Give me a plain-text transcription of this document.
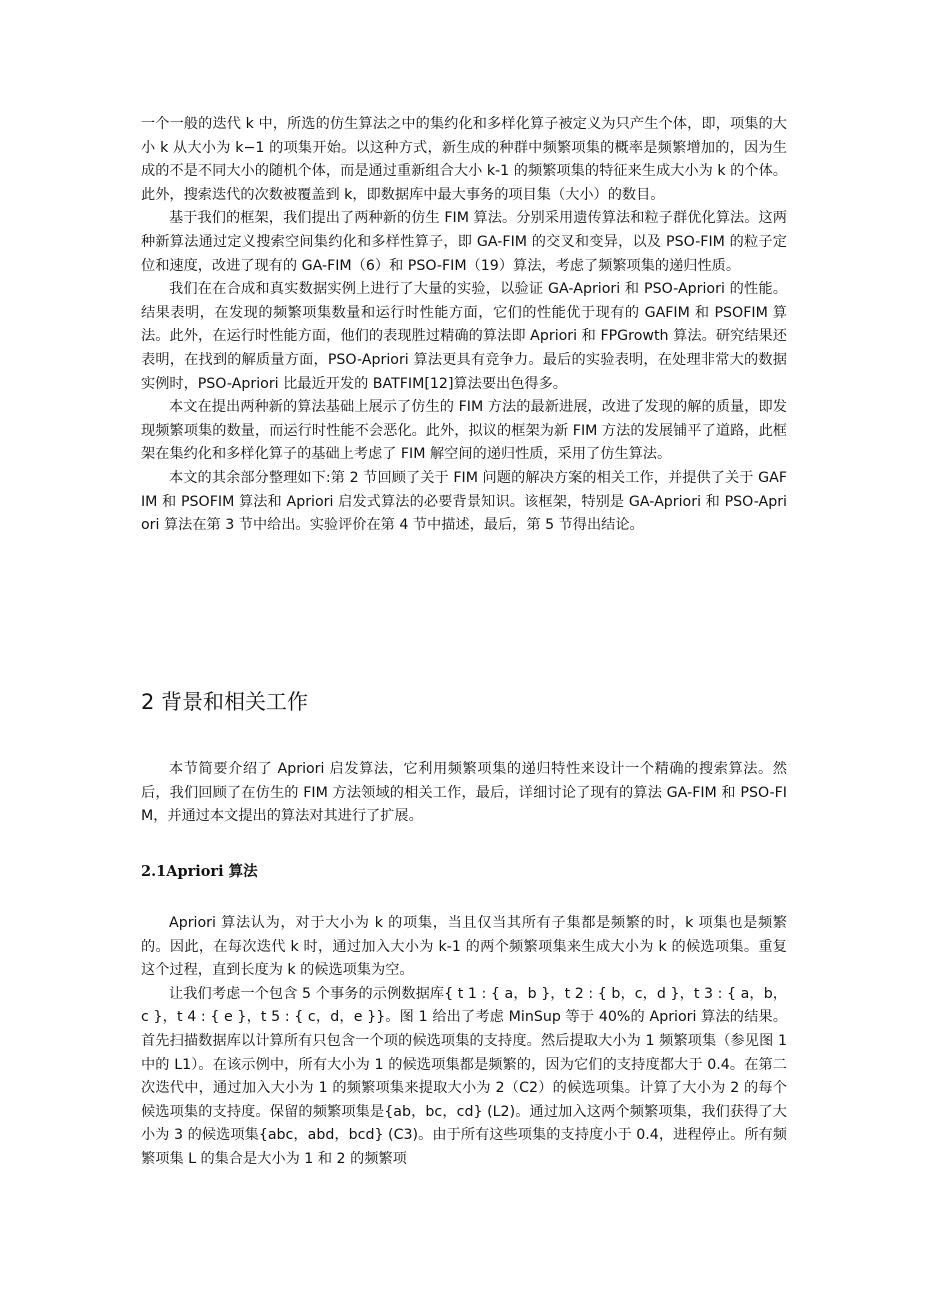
一个一般的迭代 k 中，所选的仿生算法之中的集约化和多样化算子被定义为只产生个体，即，项集的大小 k 从大小为 k−1 的项集开始。以这种方式，新生成的种群中频繁项集的概率是频繁增加的，因为生成的不是不同大小的随机个体，而是通过重新组合大小 k-1 的频繁项集的特征来生成大小为 k 的个体。此外，搜索迭代的次数被覆盖到 k，即数据库中最大事务的项目集（大小）的数目。

基于我们的框架，我们提出了两种新的仿生 FIM 算法。分别采用遗传算法和粒子群优化算法。这两种新算法通过定义搜索空间集约化和多样性算子，即 GA-FIM 的交叉和变异，以及 PSO-FIM 的粒子定位和速度，改进了现有的 GA-FIM（6）和 PSO-FIM（19）算法，考虑了频繁项集的递归性质。

我们在在合成和真实数据实例上进行了大量的实验，以验证 GA-Apriori 和 PSO-Apriori 的性能。结果表明，在发现的频繁项集数量和运行时性能方面，它们的性能优于现有的 GAFIM 和 PSOFIM 算法。此外，在运行时性能方面，他们的表现胜过精确的算法即 Apriori 和 FPGrowth 算法。研究结果还表明，在找到的解质量方面，PSO-Apriori 算法更具有竞争力。最后的实验表明，在处理非常大的数据实例时，PSO-Apriori 比最近开发的 BATFIM[12]算法要出色得多。

本文在提出两种新的算法基础上展示了仿生的 FIM 方法的最新进展，改进了发现的解的质量，即发现频繁项集的数量，而运行时性能不会恶化。此外，拟议的框架为新 FIM 方法的发展铺平了道路，此框架在集约化和多样化算子的基础上考虑了 FIM 解空间的递归性质，采用了仿生算法。

本文的其余部分整理如下:第 2 节回顾了关于 FIM 问题的解决方案的相关工作，并提供了关于 GAFIM 和 PSOFIM 算法和 Apriori 启发式算法的必要背景知识。该框架，特别是 GA-Apriori 和 PSO-Apriori 算法在第 3 节中给出。实验评价在第 4 节中描述，最后，第 5 节得出结论。

2 背景和相关工作

本节简要介绍了 Apriori 启发算法，它利用频繁项集的递归特性来设计一个精确的搜索算法。然后，我们回顾了在仿生的 FIM 方法领域的相关工作，最后，详细讨论了现有的算法 GA-FIM 和 PSO-FIM，并通过本文提出的算法对其进行了扩展。

2.1Apriori 算法

Apriori 算法认为，对于大小为 k 的项集，当且仅当其所有子集都是频繁的时，k 项集也是频繁的。因此，在每次迭代 k 时，通过加入大小为 k-1 的两个频繁项集来生成大小为 k 的候选项集。重复这个过程，直到长度为 k 的候选项集为空。

让我们考虑一个包含 5 个事务的示例数据库{ t 1 : { a，b }，t 2 : { b，c，d }，t 3 : { a，b，c }，t 4 : { e }，t 5 : { c，d，e }}。图 1 给出了考虑 MinSup 等于 40%的 Apriori 算法的结果。首先扫描数据库以计算所有只包含一个项的候选项集的支持度。然后提取大小为 1 频繁项集（参见图 1 中的 L1）。在该示例中，所有大小为 1 的候选项集都是频繁的，因为它们的支持度都大于 0.4。在第二次迭代中，通过加入大小为 1 的频繁项集来提取大小为 2（C2）的候选项集。计算了大小为 2 的每个候选项集的支持度。保留的频繁项集是{ab，bc，cd} (L2)。通过加入这两个频繁项集，我们获得了大小为 3 的候选项集{abc，abd，bcd} (C3)。由于所有这些项集的支持度小于 0.4，进程停止。所有频繁项集 L 的集合是大小为 1 和 2 的频繁项
